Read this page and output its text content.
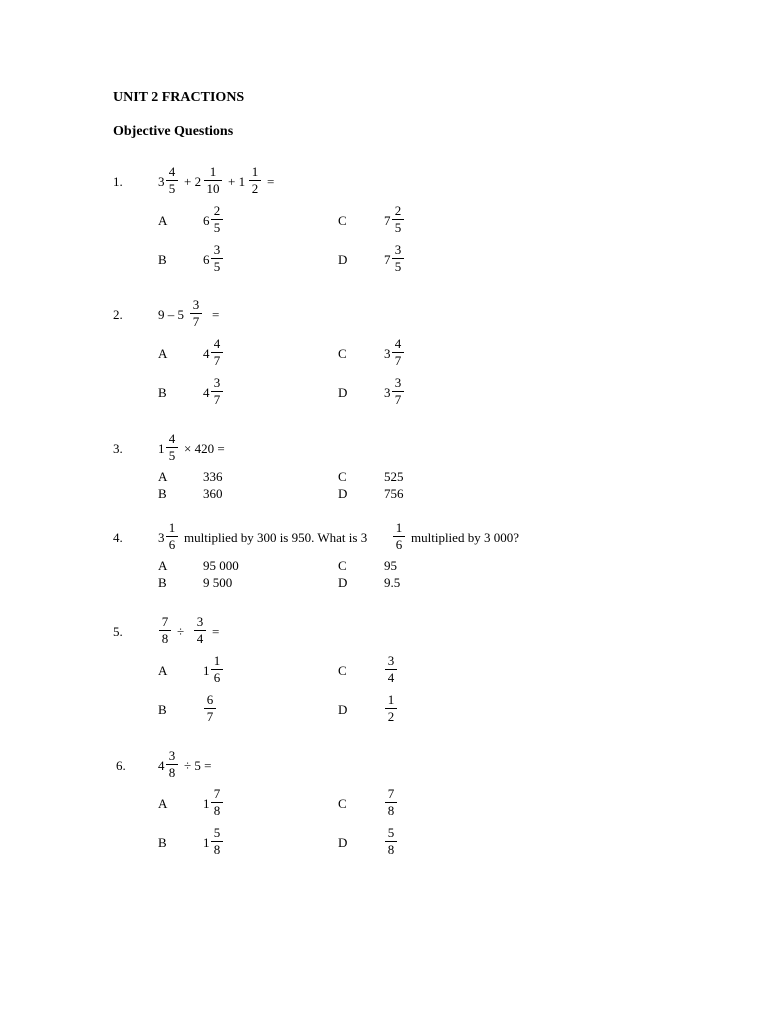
UNIT 2 FRACTIONS
Objective Questions
1.	$3 \frac{4}{5} + 2 \frac{1}{10} + 1 \frac{1}{2}$ =
A	$6 \frac{2}{5}$	C	$7 \frac{2}{5}$
B	$6 \frac{3}{5}$	D	$7 \frac{3}{5}$
2.	$9 - 5 \frac{3}{7}$ =
A	$4 \frac{4}{7}$	C	$3 \frac{4}{7}$
B	$4 \frac{3}{7}$	D	$3 \frac{3}{7}$
3.	$1 \frac{4}{5} \times 420$ =
A	336	C	525
B	360	D	756
4.	$3 \frac{1}{6}$ multiplied by 300 is 950. What is $3 \frac{1}{6}$ multiplied by 3 000?
A	95 000	C	95
B	9 500	D	9.5
5.	$\frac{7}{8} \div \frac{3}{4}$ =
A	$1 \frac{1}{6}$	C	$\frac{3}{4}$
B	$\frac{6}{7}$	D	$\frac{1}{2}$
6. $4 \frac{3}{8} \div 5$ =
A	$1 \frac{7}{8}$	C	$\frac{7}{8}$
B	$1 \frac{5}{8}$	D	$\frac{5}{8}$
